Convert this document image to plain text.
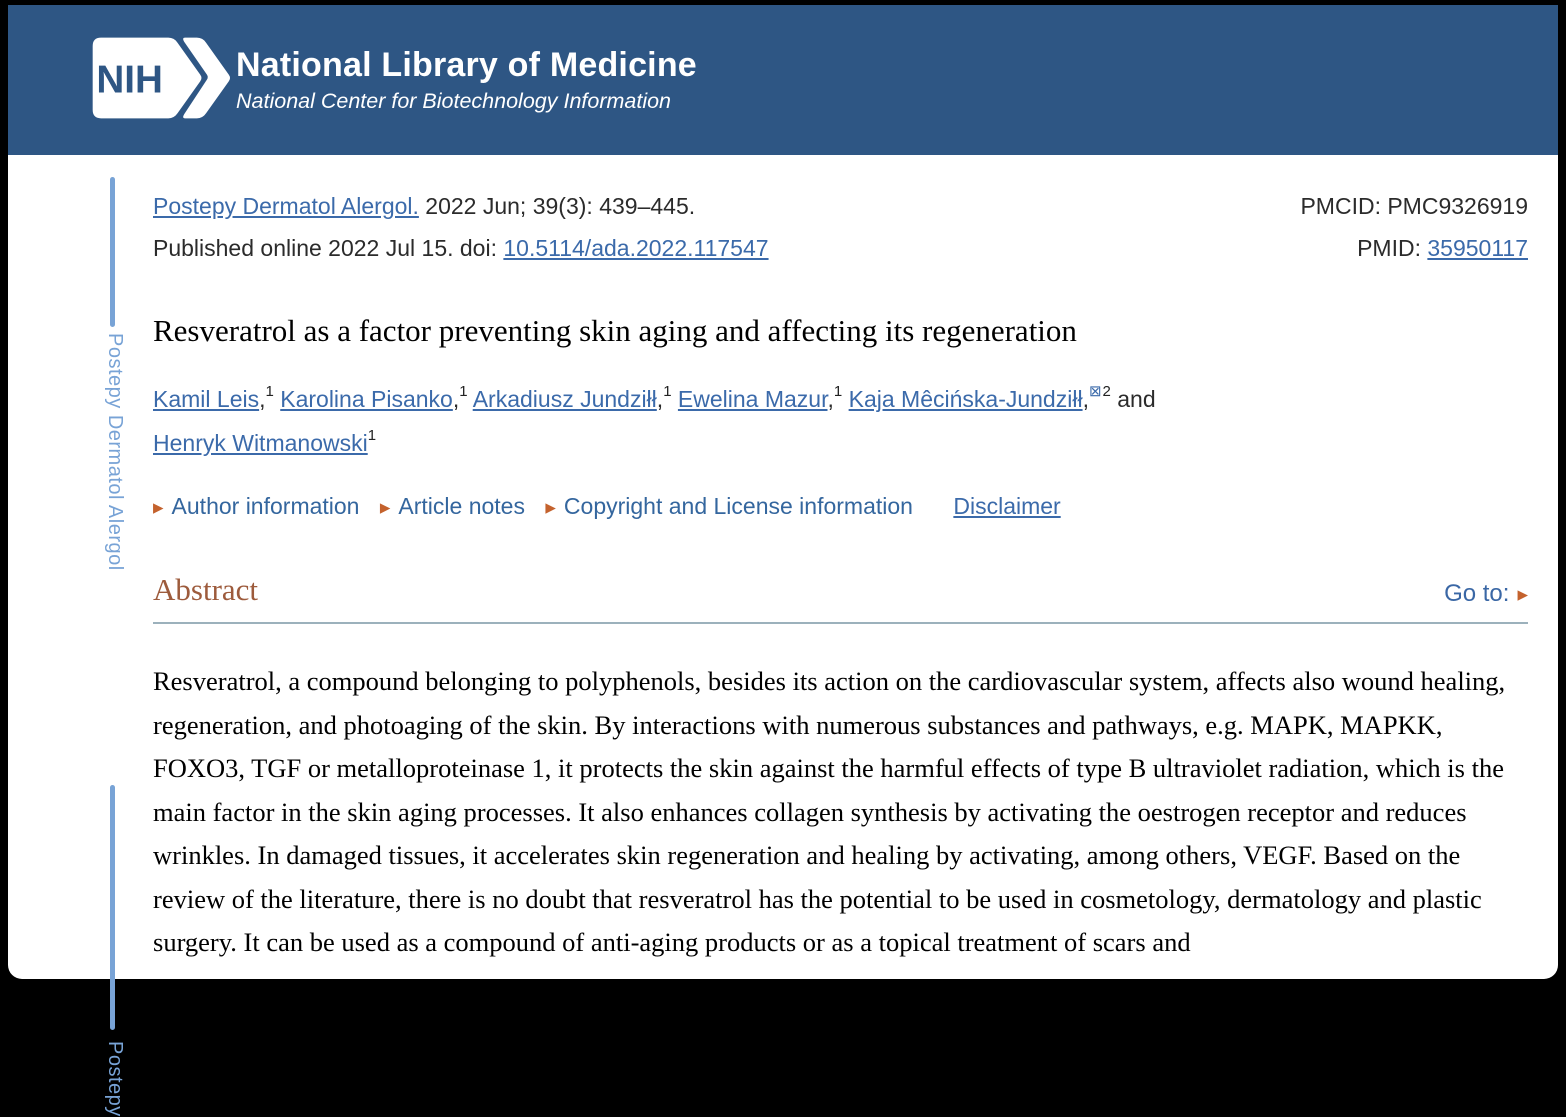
NIH National Library of Medicine
National Center for Biotechnology Information
Postepy Dermatol Alergol
Postepy
Postepy Dermatol Alergol. 2022 Jun; 39(3): 439–445.
Published online 2022 Jul 15. doi: 10.5114/ada.2022.117547
PMCID: PMC9326919
PMID: 35950117
Resveratrol as a factor preventing skin aging and affecting its regeneration
Kamil Leis,$^1$ Karolina Pisanko,$^1$ Arkadiusz Jundziłł,$^1$ Ewelina Mazur,$^1$ Kaja Mêcińska-Jundziłł,$^{⊠2}$ and
Henryk Witmanowski$^1$
▸ Author information ▸ Article notes ▸ Copyright and License information Disclaimer
Abstract	Go to: ▸

Resveratrol, a compound belonging to polyphenols, besides its action on the cardiovascular system, affects also wound healing, regeneration, and photoaging of the skin. By interactions with numerous substances and pathways, e.g. MAPK, MAPKK, FOXO3, TGF or metalloproteinase 1, it protects the skin against the harmful effects of type B ultraviolet radiation, which is the main factor in the skin aging processes. It also enhances collagen synthesis by activating the oestrogen receptor and reduces wrinkles. In damaged tissues, it accelerates skin regeneration and healing by activating, among others, VEGF. Based on the review of the literature, there is no doubt that resveratrol has the potential to be used in cosmetology, dermatology and plastic surgery. It can be used as a compound of anti-aging products or as a topical treatment of scars and
